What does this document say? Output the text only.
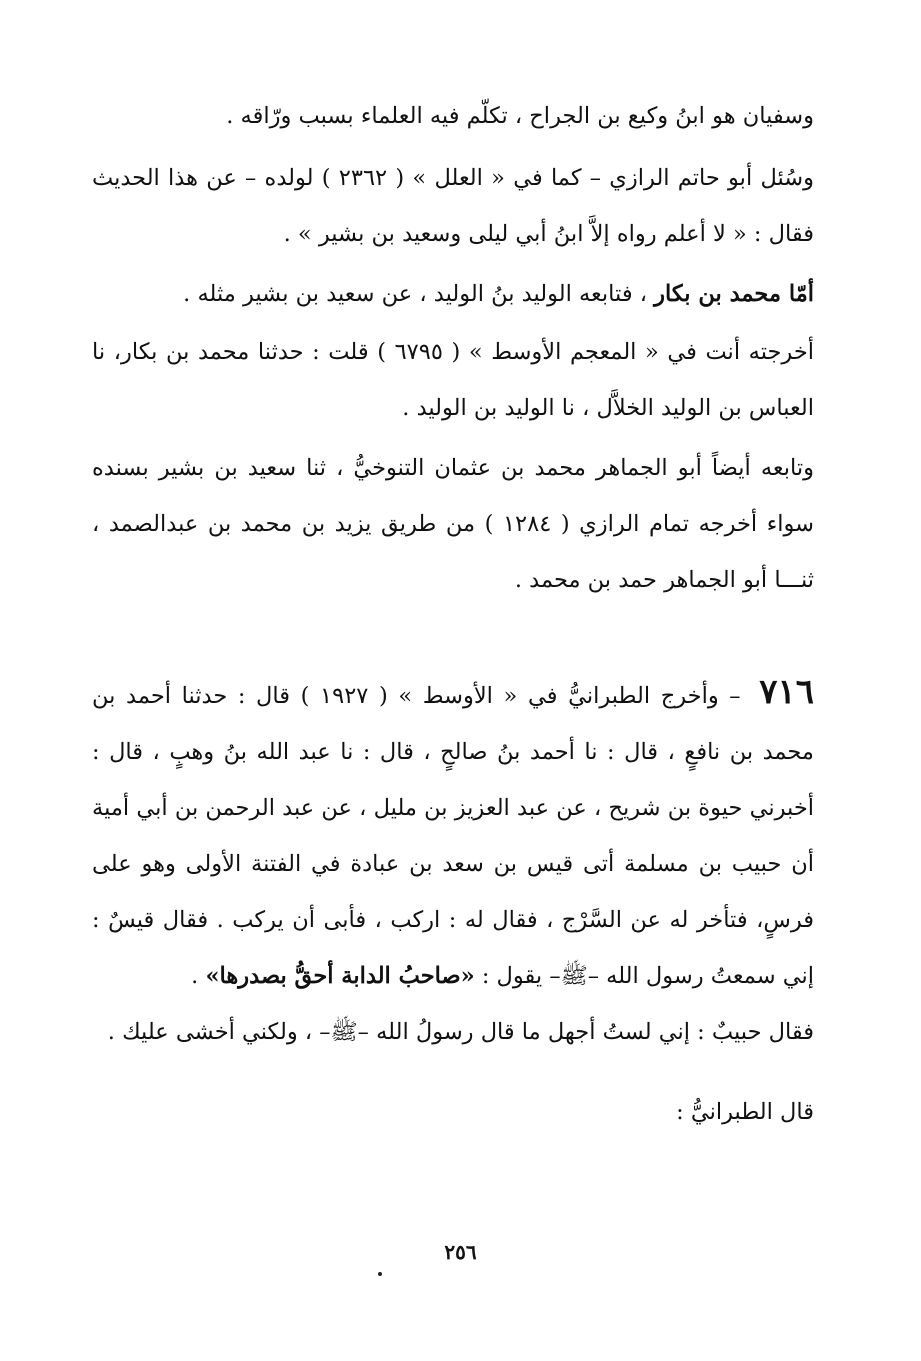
وسفيان هو ابنُ وكيع بن الجراح ، تكلّم فيه العلماء بسبب ورّاقه .

وسُئل أبو حاتم الرازي – كما في « العلل » ( ٢٣٦٢ ) لولده – عن هذا الحديث فقال : « لا أعلم رواه إلاَّ ابنُ أبي ليلى وسعيد بن بشير » .

أمّا محمد بن بكار ، فتابعه الوليد بنُ الوليد ، عن سعيد بن بشير مثله .

أخرجته أنت في « المعجم الأوسط » ( ٦٧٩٥ ) قلت : حدثنا محمد بن بكار، نا العباس بن الوليد الخلاَّل ، نا الوليد بن الوليد .

وتابعه أيضاً أبو الجماهر محمد بن عثمان التنوخيُّ ، ثنا سعيد بن بشير بسنده سواء أخرجه تمام الرازي ( ١٢٨٤ ) من طريق يزيد بن محمد بن عبدالصمد ، ثنـــا أبو الجماهر حمد بن محمد .

٧١٦ – وأخرج الطبرانيُّ في « الأوسط » ( ١٩٢٧ ) قال : حدثنا أحمد بن محمد بن نافعٍ ، قال : نا أحمد بنُ صالحٍ ، قال : نا عبد الله بنُ وهبٍ ، قال : أخبرني حيوة بن شريح ، عن عبد العزيز بن مليل ، عن عبد الرحمن بن أبي أمية أن حبيب بن مسلمة أتى قيس بن سعد بن عبادة في الفتنة الأولى وهو على فرسٍ، فتأخر له عن السَّرْج ، فقال له : اركب ، فأبى أن يركب . فقال قيسٌ : إني سمعتُ رسول الله –ﷺ– يقول : «صاحبُ الدابة أحقُّ بصدرها» .

فقال حبيبٌ : إني لستُ أجهل ما قال رسولُ الله –ﷺ– ، ولكني أخشى عليك .

قال الطبرانيُّ :

٢٥٦
